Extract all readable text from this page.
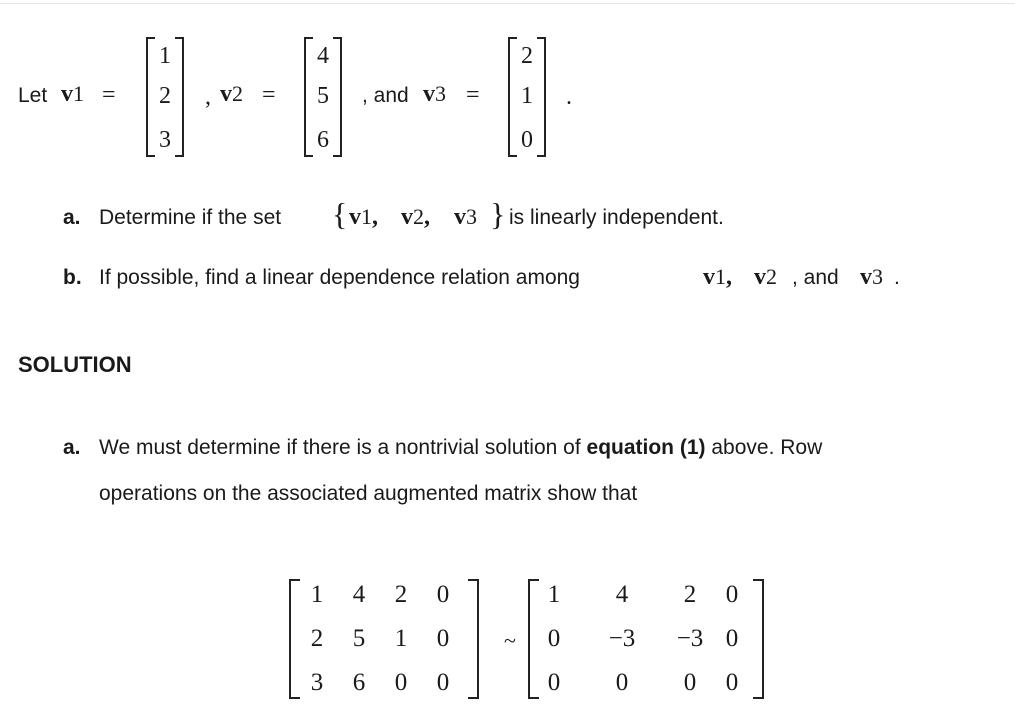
Let v1 =
1
2
3
, v2 =
4
5
6
, and v3 =
2
1
0
.
a. Determine if the set { v1, v2, v3 } is linearly independent.
b. If possible, find a linear dependence relation among	v1, v2 , and v3 .
SOLUTION
a. We must determine if there is a nontrivial solution of equation (1) above. Row
operations on the associated augmented matrix show that
1	4	2	0
2	5	1	0
3	6	0	0
~
1	4	2	0
0	−3	−3 0
0	0	0	0
